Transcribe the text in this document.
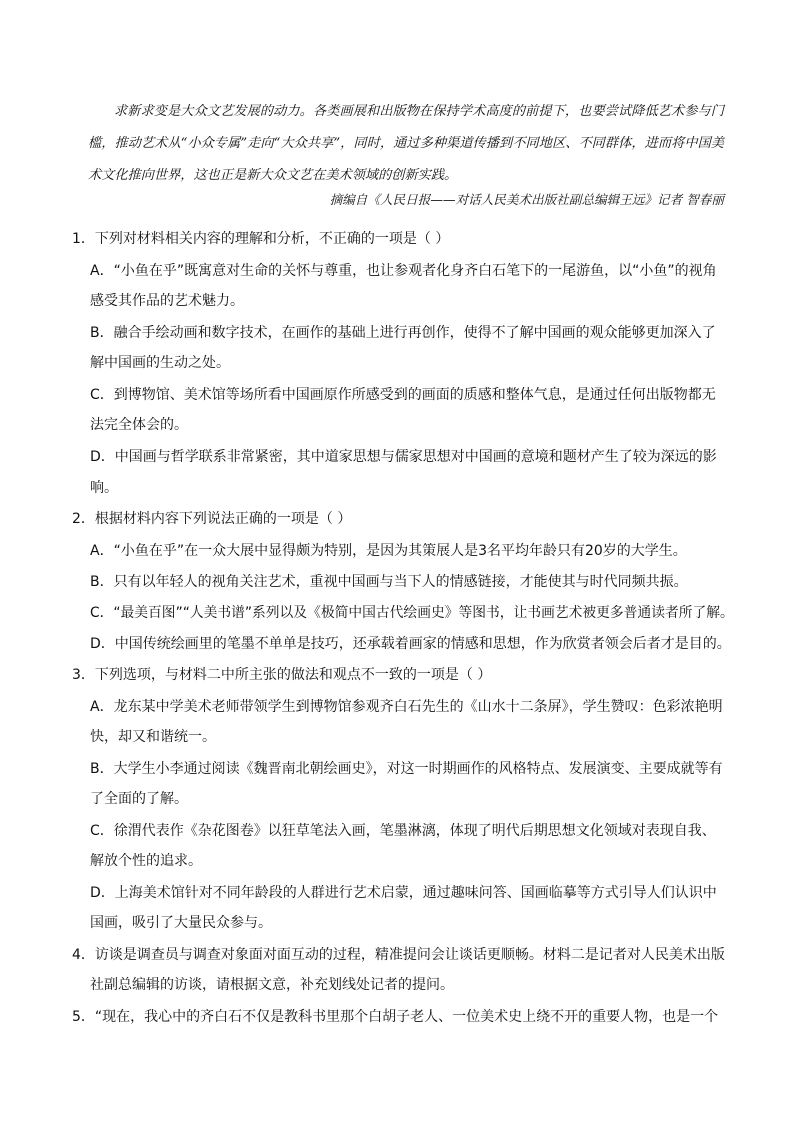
求新求变是大众文艺发展的动力。各类画展和出版物在保持学术高度的前提下，也要尝试降低艺术参与门槛，推动艺术从“小众专属”走向“大众共享”，同时，通过多种渠道传播到不同地区、不同群体，进而将中国美术文化推向世界，这也正是新大众文艺在美术领域的创新实践。

摘编自《人民日报——对话人民美术出版社副总编辑王远》记者 智春丽
1．下列对材料相关内容的理解和分析，不正确的一项是（ ）
A．“小鱼在乎”既寓意对生命的关怀与尊重，也让参观者化身齐白石笔下的一尾游鱼，以“小鱼”的视角
感受其作品的艺术魅力。
B．融合手绘动画和数字技术，在画作的基础上进行再创作，使得不了解中国画的观众能够更加深入了
解中国画的生动之处。
C．到博物馆、美术馆等场所看中国画原作所感受到的画面的质感和整体气息，是通过任何出版物都无
法完全体会的。
D．中国画与哲学联系非常紧密，其中道家思想与儒家思想对中国画的意境和题材产生了较为深远的影
响。
2．根据材料内容下列说法正确的一项是（ ）
A．“小鱼在乎”在一众大展中显得颇为特别，是因为其策展人是3名平均年龄只有20岁的大学生。
B．只有以年轻人的视角关注艺术，重视中国画与当下人的情感链接，才能使其与时代同频共振。
C．“最美百图”“人美书谱”系列以及《极简中国古代绘画史》等图书，让书画艺术被更多普通读者所了解。
D．中国传统绘画里的笔墨不单单是技巧，还承载着画家的情感和思想，作为欣赏者领会后者才是目的。
3．下列选项，与材料二中所主张的做法和观点不一致的一项是（ ）
A．龙东某中学美术老师带领学生到博物馆参观齐白石先生的《山水十二条屏》，学生赞叹：色彩浓艳明
快，却又和谐统一。
B．大学生小李通过阅读《魏晋南北朝绘画史》，对这一时期画作的风格特点、发展演变、主要成就等有
了全面的了解。
C．徐渭代表作《杂花图卷》以狂草笔法入画，笔墨淋漓，体现了明代后期思想文化领域对表现自我、
解放个性的追求。
D．上海美术馆针对不同年龄段的人群进行艺术启蒙，通过趣味问答、国画临摹等方式引导人们认识中
国画，吸引了大量民众参与。
4．访谈是调查员与调查对象面对面互动的过程，精准提问会让谈话更顺畅。材料二是记者对人民美术出版
社副总编辑的访谈，请根据文意，补充划线处记者的提问。
5．“现在，我心中的齐白石不仅是教科书里那个白胡子老人、一位美术史上绕不开的重要人物，也是一个
